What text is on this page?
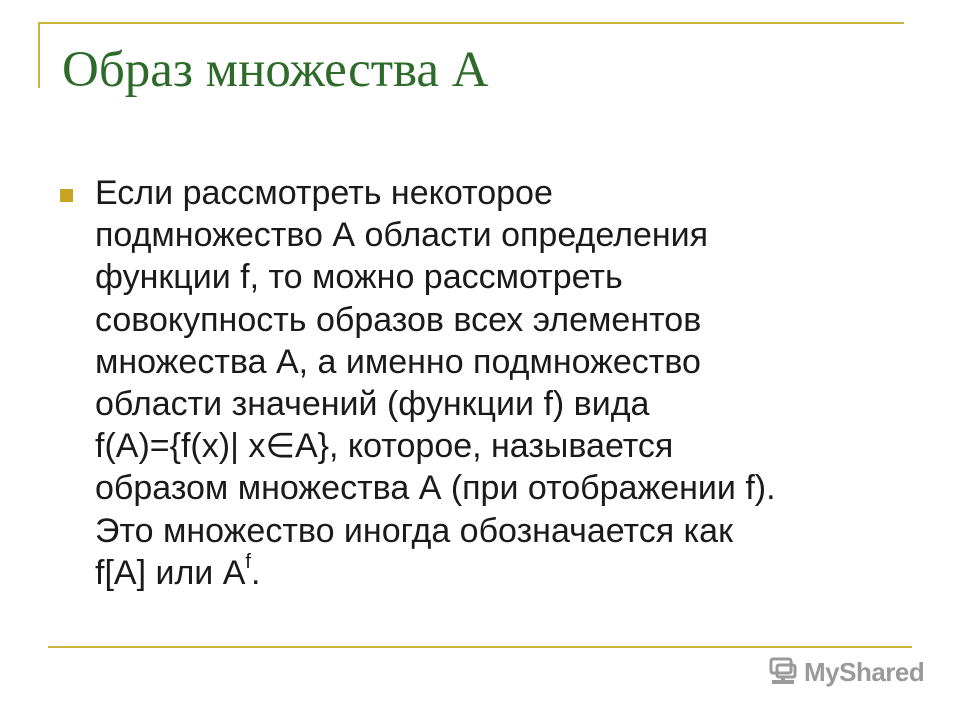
Образ множества А

Если рассмотреть некоторое
подмножество А области определения
функции f, то можно рассмотреть
совокупность образов всех элементов
множества А, а именно подмножество
области значений (функции f) вида
f(A)={f(x)| x∈A}, которое, называется
образом множества А (при отображении f).
Это множество иногда обозначается как
f[A] или $A^f$.

MyShared
